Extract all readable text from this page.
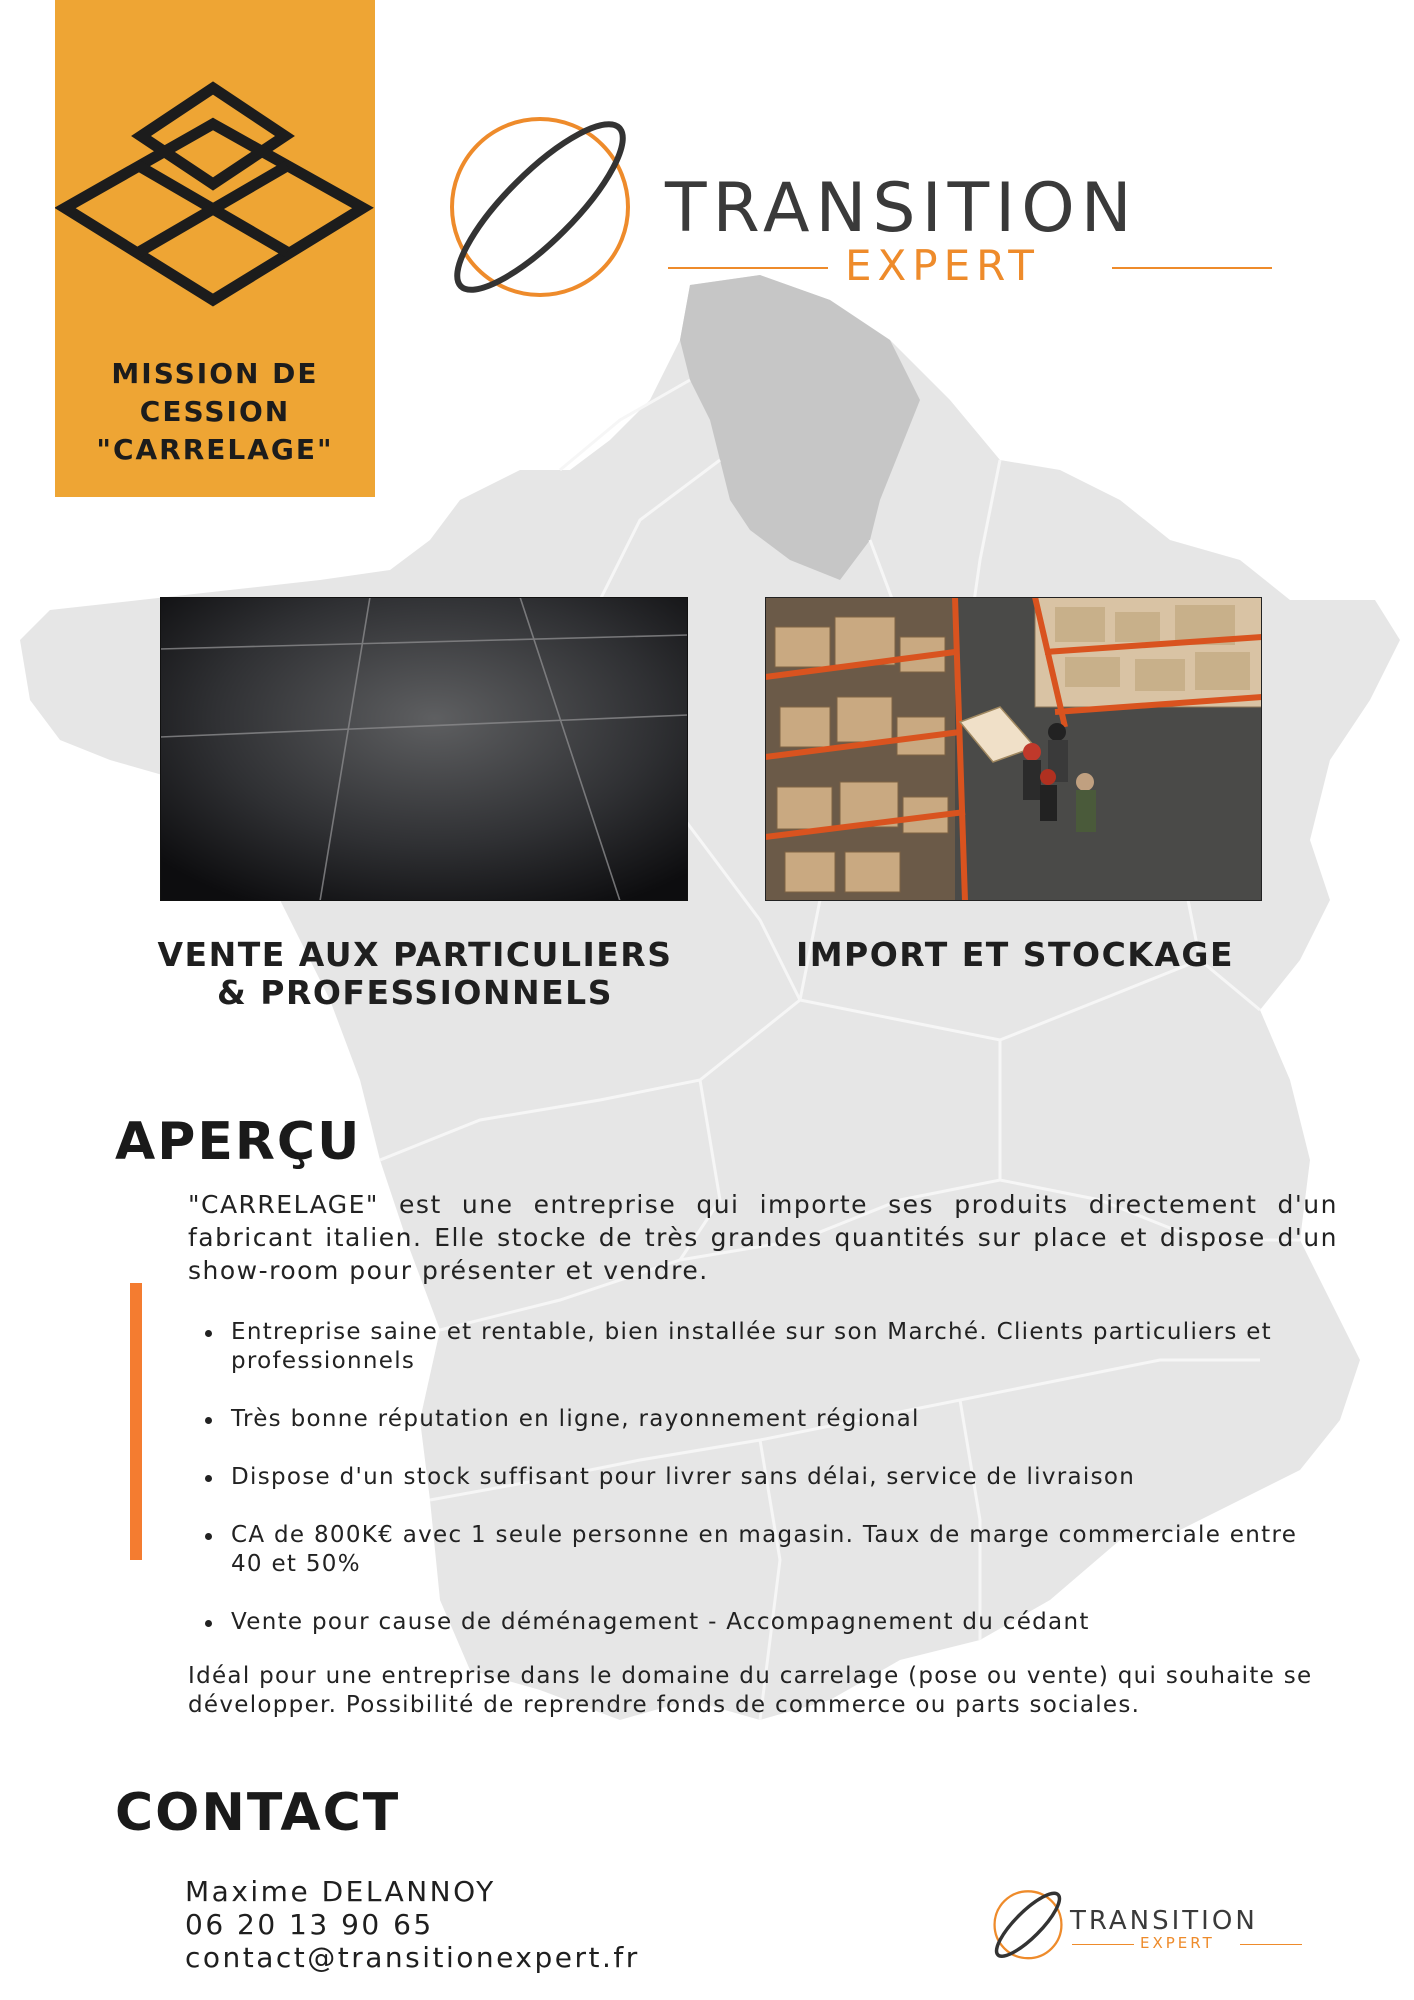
MISSION DE
CESSION
"CARRELAGE"
TRANSITION
EXPERT
VENTE AUX PARTICULIERS
& PROFESSIONNELS
IMPORT ET STOCKAGE
APERÇU
"CARRELAGE" est une entreprise qui importe ses produits directement d'un fabricant italien. Elle stocke de très grandes quantités sur place et dispose d'un show-room pour présenter et vendre.
Entreprise saine et rentable, bien installée sur son Marché. Clients particuliers et professionnels
Très bonne réputation en ligne, rayonnement régional
Dispose d'un stock suffisant pour livrer sans délai, service de livraison
CA de 800K€ avec 1 seule personne en magasin. Taux de marge commerciale entre 40 et 50%
Vente pour cause de déménagement - Accompagnement du cédant
Idéal pour une entreprise dans le domaine du carrelage (pose ou vente) qui souhaite se développer. Possibilité de reprendre fonds de commerce ou parts sociales.
CONTACT
Maxime DELANNOY
06 20 13 90 65
contact@transitionexpert.fr
TRANSITION
EXPERT
